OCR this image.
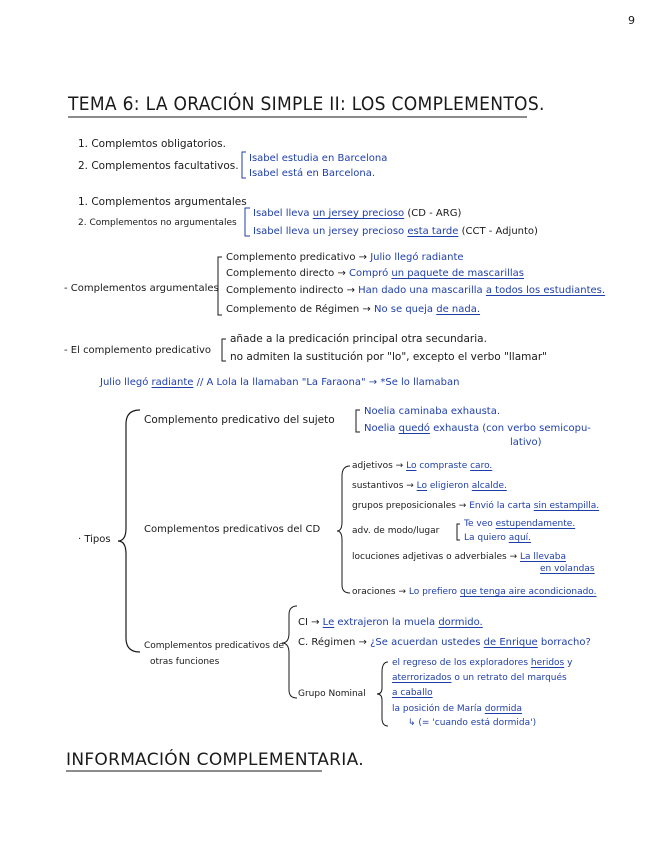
9
TEMA 6: LA ORACIÓN SIMPLE II: LOS COMPLEMENTOS.
1. Complemtos obligatorios.
2. Complementos facultativos.
Isabel estudia en Barcelona
Isabel está en Barcelona.
1. Complementos argumentales
2. Complementos no argumentales
Isabel lleva un jersey precioso (CD - ARG)
Isabel lleva un jersey precioso esta tarde (CCT - Adjunto)
- Complementos argumentales
Complemento predicativo → Julio llegó radiante
Complemento directo → Compró un paquete de mascarillas
Complemento indirecto → Han dado una mascarilla a todos los estudiantes.
Complemento de Régimen → No se queja de nada.
- El complemento predicativo
añade a la predicación principal otra secundaria.
no admiten la sustitución por "lo", excepto el verbo "llamar"
Julio llegó radiante // A Lola la llamaban "La Faraona" → *Se lo llamaban
· Tipos
Complemento predicativo del sujeto
Noelia caminaba exhausta.
Noelia quedó exhausta (con verbo semicopu-
lativo)
Complementos predicativos del CD
adjetivos → Lo compraste caro.
sustantivos → Lo eligieron alcalde.
grupos preposicionales → Envió la carta sin estampilla.
adv. de modo/lugar
Te veo estupendamente.
La quiero aquí.
locuciones adjetivas o adverbiales → La llevaba
en volandas
oraciones → Lo prefiero que tenga aire acondicionado.
Complementos predicativos de
otras funciones
CI → Le extrajeron la muela dormido.
C. Régimen → ¿Se acuerdan ustedes de Enrique borracho?
Grupo Nominal
el regreso de los exploradores heridos y
aterrorizados o un retrato del marqués
a caballo
la posición de María dormida
↳ (= 'cuando está dormida')
INFORMACIÓN COMPLEMENTARIA.
